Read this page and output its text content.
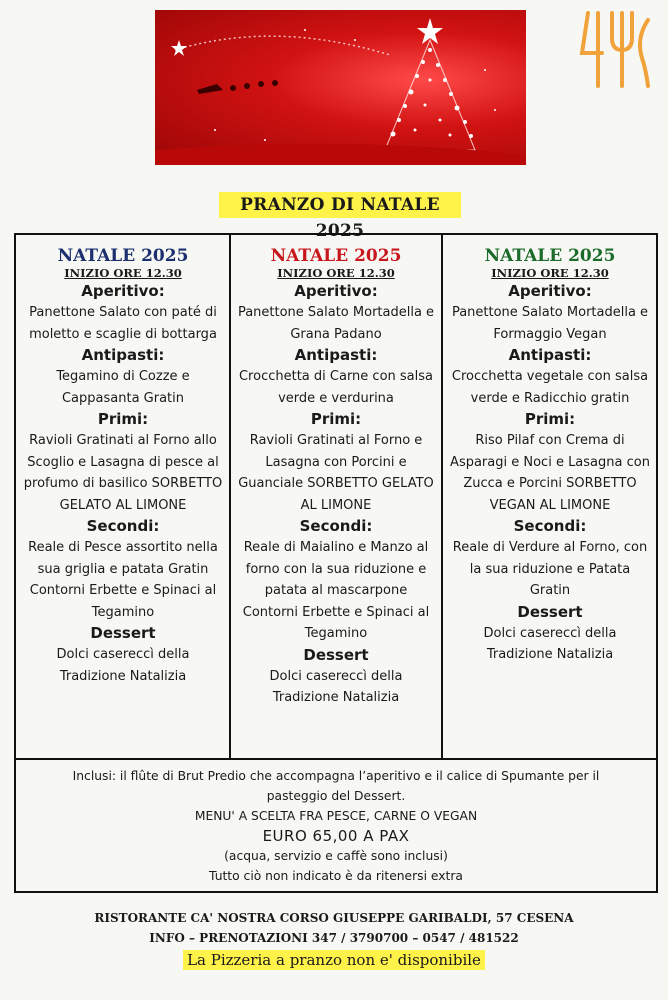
PRANZO DI NATALE 2025
NATALE 2025
INIZIO ORE 12.30
Aperitivo:
Panettone Salato con paté di moletto e scaglie di bottarga
Antipasti:
Tegamino di Cozze e Cappasanta Gratin
Primi:
Ravioli Gratinati al Forno allo Scoglio e Lasagna di pesce al profumo di basilico SORBETTO GELATO AL LIMONE
Secondi:
Reale di Pesce assortito nella sua griglia e patata Gratin Contorni Erbette e Spinaci al Tegamino
Dessert
Dolci casereccì della Tradizione Natalizia
NATALE 2025
INIZIO ORE 12.30
Aperitivo:
Panettone Salato Mortadella e Grana Padano
Antipasti:
Crocchetta di Carne con salsa verde e verdurina
Primi:
Ravioli Gratinati al Forno e Lasagna con Porcini e Guanciale SORBETTO GELATO AL LIMONE
Secondi:
Reale di Maialino e Manzo al forno con la sua riduzione e patata al mascarpone Contorni Erbette e Spinaci al Tegamino
Dessert
Dolci casereccì della Tradizione Natalizia
NATALE 2025
INIZIO ORE 12.30
Aperitivo:
Panettone Salato Mortadella e Formaggio Vegan
Antipasti:
Crocchetta vegetale con salsa verde e Radicchio gratin
Primi:
Riso Pilaf con Crema di Asparagi e Noci e Lasagna con Zucca e Porcini SORBETTO VEGAN AL LIMONE
Secondi:
Reale di Verdure al Forno, con la sua riduzione e Patata Gratin
Dessert
Dolci casereccì della Tradizione Natalizia
Inclusi: il flûte di Brut Predio che accompagna l’aperitivo e il calice di Spumante per il pasteggio del Dessert.
MENU' A SCELTA FRA PESCE, CARNE O VEGAN
EURO 65,00 A PAX
(acqua, servizio e caffè sono inclusi)
Tutto ciò non indicato è da ritenersi extra
RISTORANTE CA' NOSTRA CORSO GIUSEPPE GARIBALDI, 57 CESENA
INFO – PRENOTAZIONI 347 / 3790700 – 0547 / 481522
La Pizzeria a pranzo non e' disponibile
